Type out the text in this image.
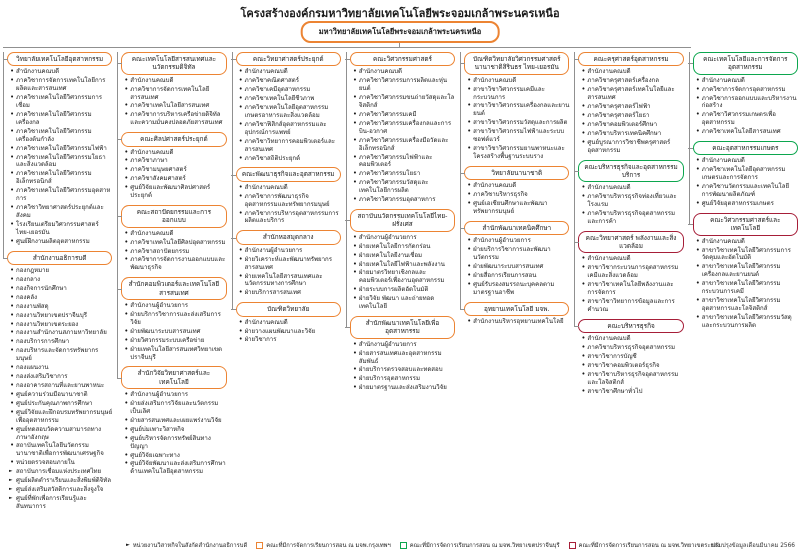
โครงสร้างองค์กรมหาวิทยาลัยเทคโนโลยีพระจอมเกล้าพระนครเหนือ
มหาวิทยาลัยเทคโนโลยีพระจอมเกล้าพระนครเหนือ
วิทยาลัยเทคโนโลยีอุตสาหกรรม
• สำนักงานคณบดี
• ภาควิชาการจัดการเทคโนโลยีการผลิตและสารสนเทศ
• ภาควิชาเทคโนโลยีวิศวกรรมการเชื่อม
• ภาควิชาเทคโนโลยีวิศวกรรมเครื่องกล
• ภาควิชาเทคโนโลยีวิศวกรรมเครื่องต้นกำลัง
• ภาควิชาเทคโนโลยีวิศวกรรมไฟฟ้า
• ภาควิชาเทคโนโลยีวิศวกรรมโยธาและสิ่งแวดล้อม
• ภาควิชาเทคโนโลยีวิศวกรรมอิเล็กทรอนิกส์
• ภาควิชาเทคโนโลยีวิศวกรรมอุตสาหการ
• ภาควิชาวิทยาศาสตร์ประยุกต์และสังคม
• โรงเรียนเตรียมวิศวกรรมศาสตร์ ไทย-เยอรมัน
• ศูนย์ฝึกงานผลิตอุตสาหกรรม
สำนักงานอธิการบดี
• กองกฎหมาย
• กองกลาง
• กองกิจการนักศึกษา
• กองคลัง
• กองงานพัสดุ
• กองงานวิทยาเขตปราจีนบุรี
• กองงานวิทยาเขตระยอง
• กองงานสำนักงานสภามหาวิทยาลัย
• กองบริการการศึกษา
• กองบริหารและจัดการทรัพยากรมนุษย์
• กองแผนงาน
• กองส่งเสริมวิชาการ
• กองอาคารสถานที่และยานพาหนะ
• ศูนย์ความร่วมมือนานาชาติ
• ศูนย์ประกันคุณภาพการศึกษา
• ศูนย์วิจัยและฝึกอบรมทรัพยากรมนุษย์เพื่ออุตสาหกรรม
• ศูนย์ทดสอบวัดความสามารถทางภาษาอังกฤษ
• สถาบันเทคโนโลยีนวัตกรรมนานาชาติเพื่อการพัฒนาเศรษฐกิจ
• หน่วยตรวจสอบภายใน
► สถาบันการเชื่อมแห่งประเทศไทย
► ศูนย์ผลิตตำราเรียนและสิ่งพิมพ์ดิจิทัล
► ศูนย์ส่งเสริมสวัสดิการและสิ่งจูงใจ
► ศูนย์ที่พักเพื่อการเรียนรู้และสันทนาการ
คณะเทคโนโลยีสารสนเทศและนวัตกรรมดิจิทัล
• สำนักงานคณบดี
• ภาควิชาการจัดการเทคโนโลยีสารสนเทศ
• ภาควิชาเทคโนโลยีสารสนเทศ
• ภาควิชาการบริหารเครือข่ายดิจิทัลและความมั่นคงปลอดภัยสารสนเทศ
คณะศิลปศาสตร์ประยุกต์
• สำนักงานคณบดี
• ภาควิชาภาษา
• ภาควิชามนุษยศาสตร์
• ภาควิชาสังคมศาสตร์
• ศูนย์วิจัยและพัฒนาศิลปศาสตร์ประยุกต์
คณะสถาปัตยกรรมและการออกแบบ
• สำนักงานคณบดี
• ภาควิชาเทคโนโลยีศิลปอุตสาหกรรม
• ภาควิชาสถาปัตยกรรม
• ภาควิชาการจัดการงานออกแบบและพัฒนาธุรกิจ
สำนักคอมพิวเตอร์และเทคโนโลยีสารสนเทศ
• สำนักงานผู้อำนวยการ
• ฝ่ายบริการวิชาการและส่งเสริมการวิจัย
• ฝ่ายพัฒนาระบบสารสนเทศ
• ฝ่ายวิศวกรรมระบบเครือข่าย
• ฝ่ายเทคโนโลยีสารสนเทศวิทยาเขตปราจีนบุรี
สำนักวิจัยวิทยาศาสตร์และเทคโนโลยี
• สำนักงานผู้อำนวยการ
• ฝ่ายส่งเสริมการวิจัยและนวัตกรรมเป็นเลิศ
• ฝ่ายสารสนเทศและเผยแพร่งานวิจัย
• ศูนย์บ่มเพาะวิสาหกิจ
• ศูนย์บริหารจัดการทรัพย์สินทางปัญญา
• ศูนย์วิจัยเฉพาะทาง
• ศูนย์วิจัยพัฒนาและส่งเสริมการศึกษาด้านเทคโนโลยีอุตสาหกรรม
คณะวิทยาศาสตร์ประยุกต์
• สำนักงานคณบดี
• ภาควิชาคณิตศาสตร์
• ภาควิชาเคมีอุตสาหกรรม
• ภาควิชาเทคโนโลยีชีวภาพ
• ภาควิชาเทคโนโลยีอุตสาหกรรมเกษตรอาหารและสิ่งแวดล้อม
• ภาควิชาฟิสิกส์อุตสาหกรรมและอุปกรณ์การแพทย์
• ภาควิชาวิทยาการคอมพิวเตอร์และสารสนเทศ
• ภาควิชาสถิติประยุกต์
คณะพัฒนาธุรกิจและอุตสาหกรรม
• สำนักงานคณบดี
• ภาควิชาการพัฒนาธุรกิจอุตสาหกรรมและทรัพยากรมนุษย์
• ภาควิชาการบริหารอุตสาหกรรมการผลิตและบริการ
สำนักหอสมุดกลาง
• สำนักงานผู้อำนวยการ
• ฝ่ายวิเคราะห์และพัฒนาทรัพยากรสารสนเทศ
• ฝ่ายเทคโนโลยีสารสนเทศและนวัตกรรมทางการศึกษา
• ฝ่ายบริการสารสนเทศ
บัณฑิตวิทยาลัย
• สำนักงานคณบดี
• ฝ่ายวางแผนพัฒนาและวิจัย
• ฝ่ายวิชาการ
คณะวิศวกรรมศาสตร์
• สำนักงานคณบดี
• ภาควิชาวิศวกรรมการผลิตและหุ่นยนต์
• ภาควิชาวิศวกรรมขนถ่ายวัสดุและโลจิสติกส์
• ภาควิชาวิศวกรรมเคมี
• ภาควิชาวิศวกรรมเครื่องกลและการบิน-อวกาศ
• ภาควิชาวิศวกรรมเครื่องมือวัดและอิเล็กทรอนิกส์
• ภาควิชาวิศวกรรมไฟฟ้าและคอมพิวเตอร์
• ภาควิชาวิศวกรรมโยธา
• ภาควิชาวิศวกรรมวัสดุและเทคโนโลยีการผลิต
• ภาควิชาวิศวกรรมอุตสาหการ
สถาบันนวัตกรรมเทคโนโลยีไทย-ฝรั่งเศส
• สำนักงานผู้อำนวยการ
• ฝ่ายเทคโนโลยีการกัดกร่อน
• ฝ่ายเทคโนโลยีงานเชื่อม
• ฝ่ายเทคโนโลยีไฟฟ้าและพลังงาน
• ฝ่ายมาตรวิทยาเชิงกลและคอมพิวเตอร์เพื่องานอุตสาหกรรม
• ฝ่ายระบบการผลิตอัตโนมัติ
• ฝ่ายวิจัย พัฒนา และถ่ายทอดเทคโนโลยี
สำนักพัฒนาเทคโนโลยีเพื่ออุตสาหกรรม
• สำนักงานผู้อำนวยการ
• ฝ่ายสารสนเทศและอุตสาหกรรมสัมพันธ์
• ฝ่ายบริการตรวจสอบและทดสอบ
• ฝ่ายบริการอุตสาหกรรม
• ฝ่ายมาตรฐานและส่งเสริมงานวิจัย
บัณฑิตวิทยาลัยวิศวกรรมศาสตร์นานาชาติสิรินธร ไทย-เยอรมัน
• สำนักงานคณบดี
• สาขาวิชาวิศวกรรมเคมีและกระบวนการ
• สาขาวิชาวิศวกรรมเครื่องกลและยานยนต์
• สาขาวิชาวิศวกรรมวัสดุและการผลิต
• สาขาวิชาวิศวกรรมไฟฟ้าและระบบซอฟต์แวร์
• สาขาวิชาวิศวกรรมยานพาหนะและโครงสร้างพื้นฐานระบบราง
วิทยาลัยนานาชาติ
• สำนักงานคณบดี
• ภาควิชาบริหารธุรกิจ
• ศูนย์เอเชียนศึกษาและพัฒนาทรัพยากรมนุษย์
สำนักพัฒนาเทคนิคศึกษา
• สำนักงานผู้อำนวยการ
• ฝ่ายบริการวิชาการและพัฒนานวัตกรรม
• ฝ่ายพัฒนาระบบสารสนเทศ
• ฝ่ายสื่อการเรียนการสอน
• ศูนย์รับรองสมรรถนะบุคคลตามมาตรฐานอาชีพ
อุทยานเทคโนโลยี มจพ.
• สำนักงานบริหารอุทยานเทคโนโลยี
คณะครุศาสตร์อุตสาหกรรม
• สำนักงานคณบดี
• ภาควิชาครุศาสตร์เครื่องกล
• ภาควิชาครุศาสตร์เทคโนโลยีและสารสนเทศ
• ภาควิชาครุศาสตร์ไฟฟ้า
• ภาควิชาครุศาสตร์โยธา
• ภาควิชาคอมพิวเตอร์ศึกษา
• ภาควิชาบริหารเทคนิคศึกษา
• ศูนย์บูรณาการวิชาชีพครุศาสตร์อุตสาหกรรม
คณะบริหารธุรกิจและอุตสาหกรรมบริการ
• สำนักงานคณบดี
• ภาควิชาบริหารธุรกิจท่องเที่ยวและโรงแรม
• ภาควิชาบริหารธุรกิจอุตสาหกรรมและการค้า
คณะวิทยาศาสตร์ พลังงานและสิ่งแวดล้อม
• สำนักงานคณบดี
• สาขาวิชากระบวนการอุตสาหกรรมเคมีและสิ่งแวดล้อม
• สาขาวิชาเทคโนโลยีพลังงานและการจัดการ
• สาขาวิชาวิทยาการข้อมูลและการคำนวณ
คณะบริหารธุรกิจ
• สำนักงานคณบดี
• ภาควิชาบริหารธุรกิจอุตสาหกรรม
• สาขาวิชาการบัญชี
• สาขาวิชาคอมพิวเตอร์ธุรกิจ
• สาขาวิชาบริหารธุรกิจอุตสาหกรรมและโลจิสติกส์
• สาขาวิชาศึกษาทั่วไป
คณะเทคโนโลยีและการจัดการอุตสาหกรรม
• สำนักงานคณบดี
• ภาควิชาการจัดการอุตสาหกรรม
• ภาควิชาการออกแบบและบริหารงานก่อสร้าง
• ภาควิชาวิศวกรรมเกษตรเพื่ออุตสาหกรรม
• ภาควิชาเทคโนโลยีสารสนเทศ
คณะอุตสาหกรรมเกษตร
• สำนักงานคณบดี
• ภาควิชาเทคโนโลยีอุตสาหกรรมเกษตรและการจัดการ
• ภาควิชานวัตกรรมและเทคโนโลยีการพัฒนาผลิตภัณฑ์
• ศูนย์วิจัยอุตสาหกรรมเกษตร
คณะวิศวกรรมศาสตร์และเทคโนโลยี
• สำนักงานคณบดี
• สาขาวิชาเทคโนโลยีวิศวกรรมการวัดคุมและอัตโนมัติ
• สาขาวิชาเทคโนโลยีวิศวกรรมเครื่องกลและยานยนต์
• สาขาวิชาเทคโนโลยีวิศวกรรมกระบวนการเคมี
• สาขาวิชาเทคโนโลยีวิศวกรรมอุตสาหการและโลจิสติกส์
• สาขาวิชาเทคโนโลยีวิศวกรรมวัสดุและกระบวนการผลิต
► หน่วยงานวิสาหกิจในสังกัดสำนักงานอธิการบดี	คณะที่มีการจัดการเรียนการสอน ณ มจพ.กรุงเทพฯ	คณะที่มีการจัดการเรียนการสอน ณ มจพ.วิทยาเขตปราจีนบุรี	คณะที่มีการจัดการเรียนการสอน ณ มจพ.วิทยาเขตระยอง
ปรับปรุงข้อมูลเดือนมีนาคม 2566
